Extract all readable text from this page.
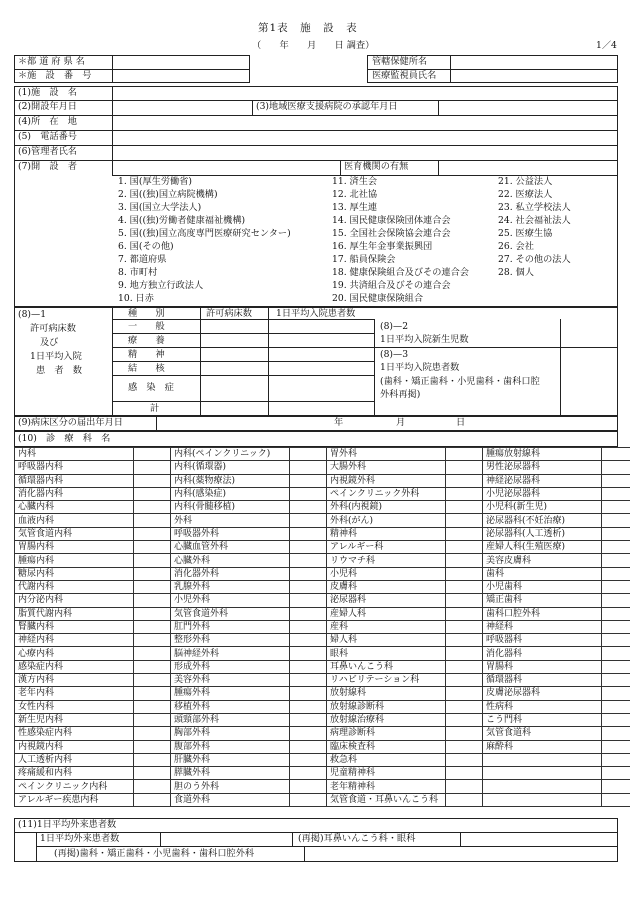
第1表　施　設　表
（　　年　　月　　日 調査）	1／4
＊都 道 府 県 名
＊施　設　番　号
管轄保健所名
医療監視員氏名
(1)施　設　名
(2)開設年月日	(3)地域医療支援病院の承認年月日
(4)所　在　地
(5)　電話番号
(6)管理者氏名
(7)開　設　者	医育機関の有無
1. 国(厚生労働省)
2. 国((独)国立病院機構)
3. 国(国立大学法人)
4. 国((独)労働者健康福祉機構)
5. 国((独)国立高度専門医療研究センター)
6. 国(その他)
7. 都道府県
8. 市町村
9. 地方独立行政法人
10. 日赤
11. 済生会
12. 北社協
13. 厚生連
14. 国民健康保険団体連合会
15. 全国社会保険協会連合会
16. 厚生年金事業振興団
17. 船員保険会
18. 健康保険組合及びその連合会
19. 共済組合及びその連合会
20. 国民健康保険組合
21. 公益法人
22. 医療法人
23. 私立学校法人
24. 社会福祉法人
25. 医療生協
26. 会社
27. その他の法人
28. 個人
(8)—1
許可病床数
及び
1日平均入院
患　者　数
種　　別	許可病床数	1日平均入院患者数
一　　般
療　　養
精　　神
結　　核
感　染　症
計
(8)—2
1日平均入院新生児数
(8)—3
1日平均入院患者数
(歯科・矯正歯科・小児歯科・歯科口腔
外科再掲)
(9)病床区分の届出年月日	年	月	日
(10)　診　療　科　名
内科		内科(ペインクリニック)		胃外科		腫瘍放射線科	
呼吸器内科		内科(循環器)		大腸外科		男性泌尿器科	
循環器内科		内科(薬物療法)		内視鏡外科		神経泌尿器科	
消化器内科		内科(感染症)		ペインクリニック外科		小児泌尿器科	
心臓内科		内科(骨髄移植)		外科(内視鏡)		小児科(新生児)	
血液内科		外科		外科(がん)		泌尿器科(不妊治療)	
気管食道内科		呼吸器外科		精神科		泌尿器科(人工透析)	
胃腸内科		心臓血管外科		アレルギー科		産婦人科(生殖医療)	
腫瘍内科		心臓外科		リウマチ科		美容皮膚科	
糖尿内科		消化器外科		小児科		歯科	
代謝内科		乳腺外科		皮膚科		小児歯科	
内分泌内科		小児外科		泌尿器科		矯正歯科	
脂質代謝内科		気管食道外科		産婦人科		歯科口腔外科	
腎臓内科		肛門外科		産科		神経科	
神経内科		整形外科		婦人科		呼吸器科	
心療内科		脳神経外科		眼科		消化器科	
感染症内科		形成外科		耳鼻いんこう科		胃腸科	
漢方内科		美容外科		リハビリテーション科		循環器科	
老年内科		腫瘍外科		放射線科		皮膚泌尿器科	
女性内科		移植外科		放射線診断科		性病科	
新生児内科		頭頸部外科		放射線治療科		こう門科	
性感染症内科		胸部外科		病理診断科		気管食道科	
内視鏡内科		腹部外科		臨床検査科		麻酔科	
人工透析内科		肝臓外科		救急科			
疼痛緩和内科		膵臓外科		児童精神科			
ペインクリニック内科		胆のう外科		老年精神科			
アレルギー疾患内科		食道外科		気管食道・耳鼻いんこう科			
(11)1日平均外来患者数
1日平均外来患者数	(再掲)耳鼻いんこう科・眼科
(再掲)歯科・矯正歯科・小児歯科・歯科口腔外科
